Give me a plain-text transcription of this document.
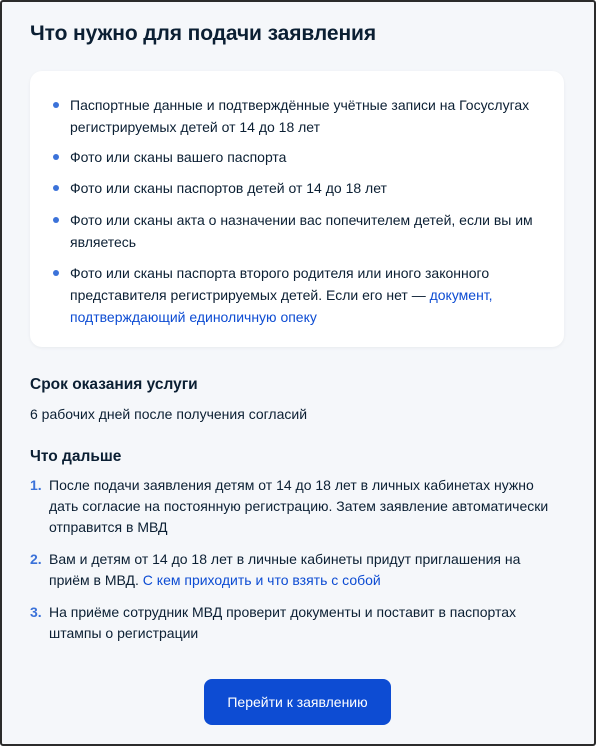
Что нужно для подачи заявления
Паспортные данные и подтверждённые учётные записи на Госуслугах регистрируемых детей от 14 до 18 лет
Фото или сканы вашего паспорта
Фото или сканы паспортов детей от 14 до 18 лет
Фото или сканы акта о назначении вас попечителем детей, если вы им являетесь
Фото или сканы паспорта второго родителя или иного законного представителя регистрируемых детей. Если его нет — документ, подтверждающий единоличную опеку
Срок оказания услуги

6 рабочих дней после получения согласий

Что дальше
1. После подачи заявления детям от 14 до 18 лет в личных кабинетах нужно дать согласие на постоянную регистрацию. Затем заявление автоматически отправится в МВД
2. Вам и детям от 14 до 18 лет в личные кабинеты придут приглашения на приём в МВД. С кем приходить и что взять с собой
3. На приёме сотрудник МВД проверит документы и поставит в паспортах штампы о регистрации
Перейти к заявлению
